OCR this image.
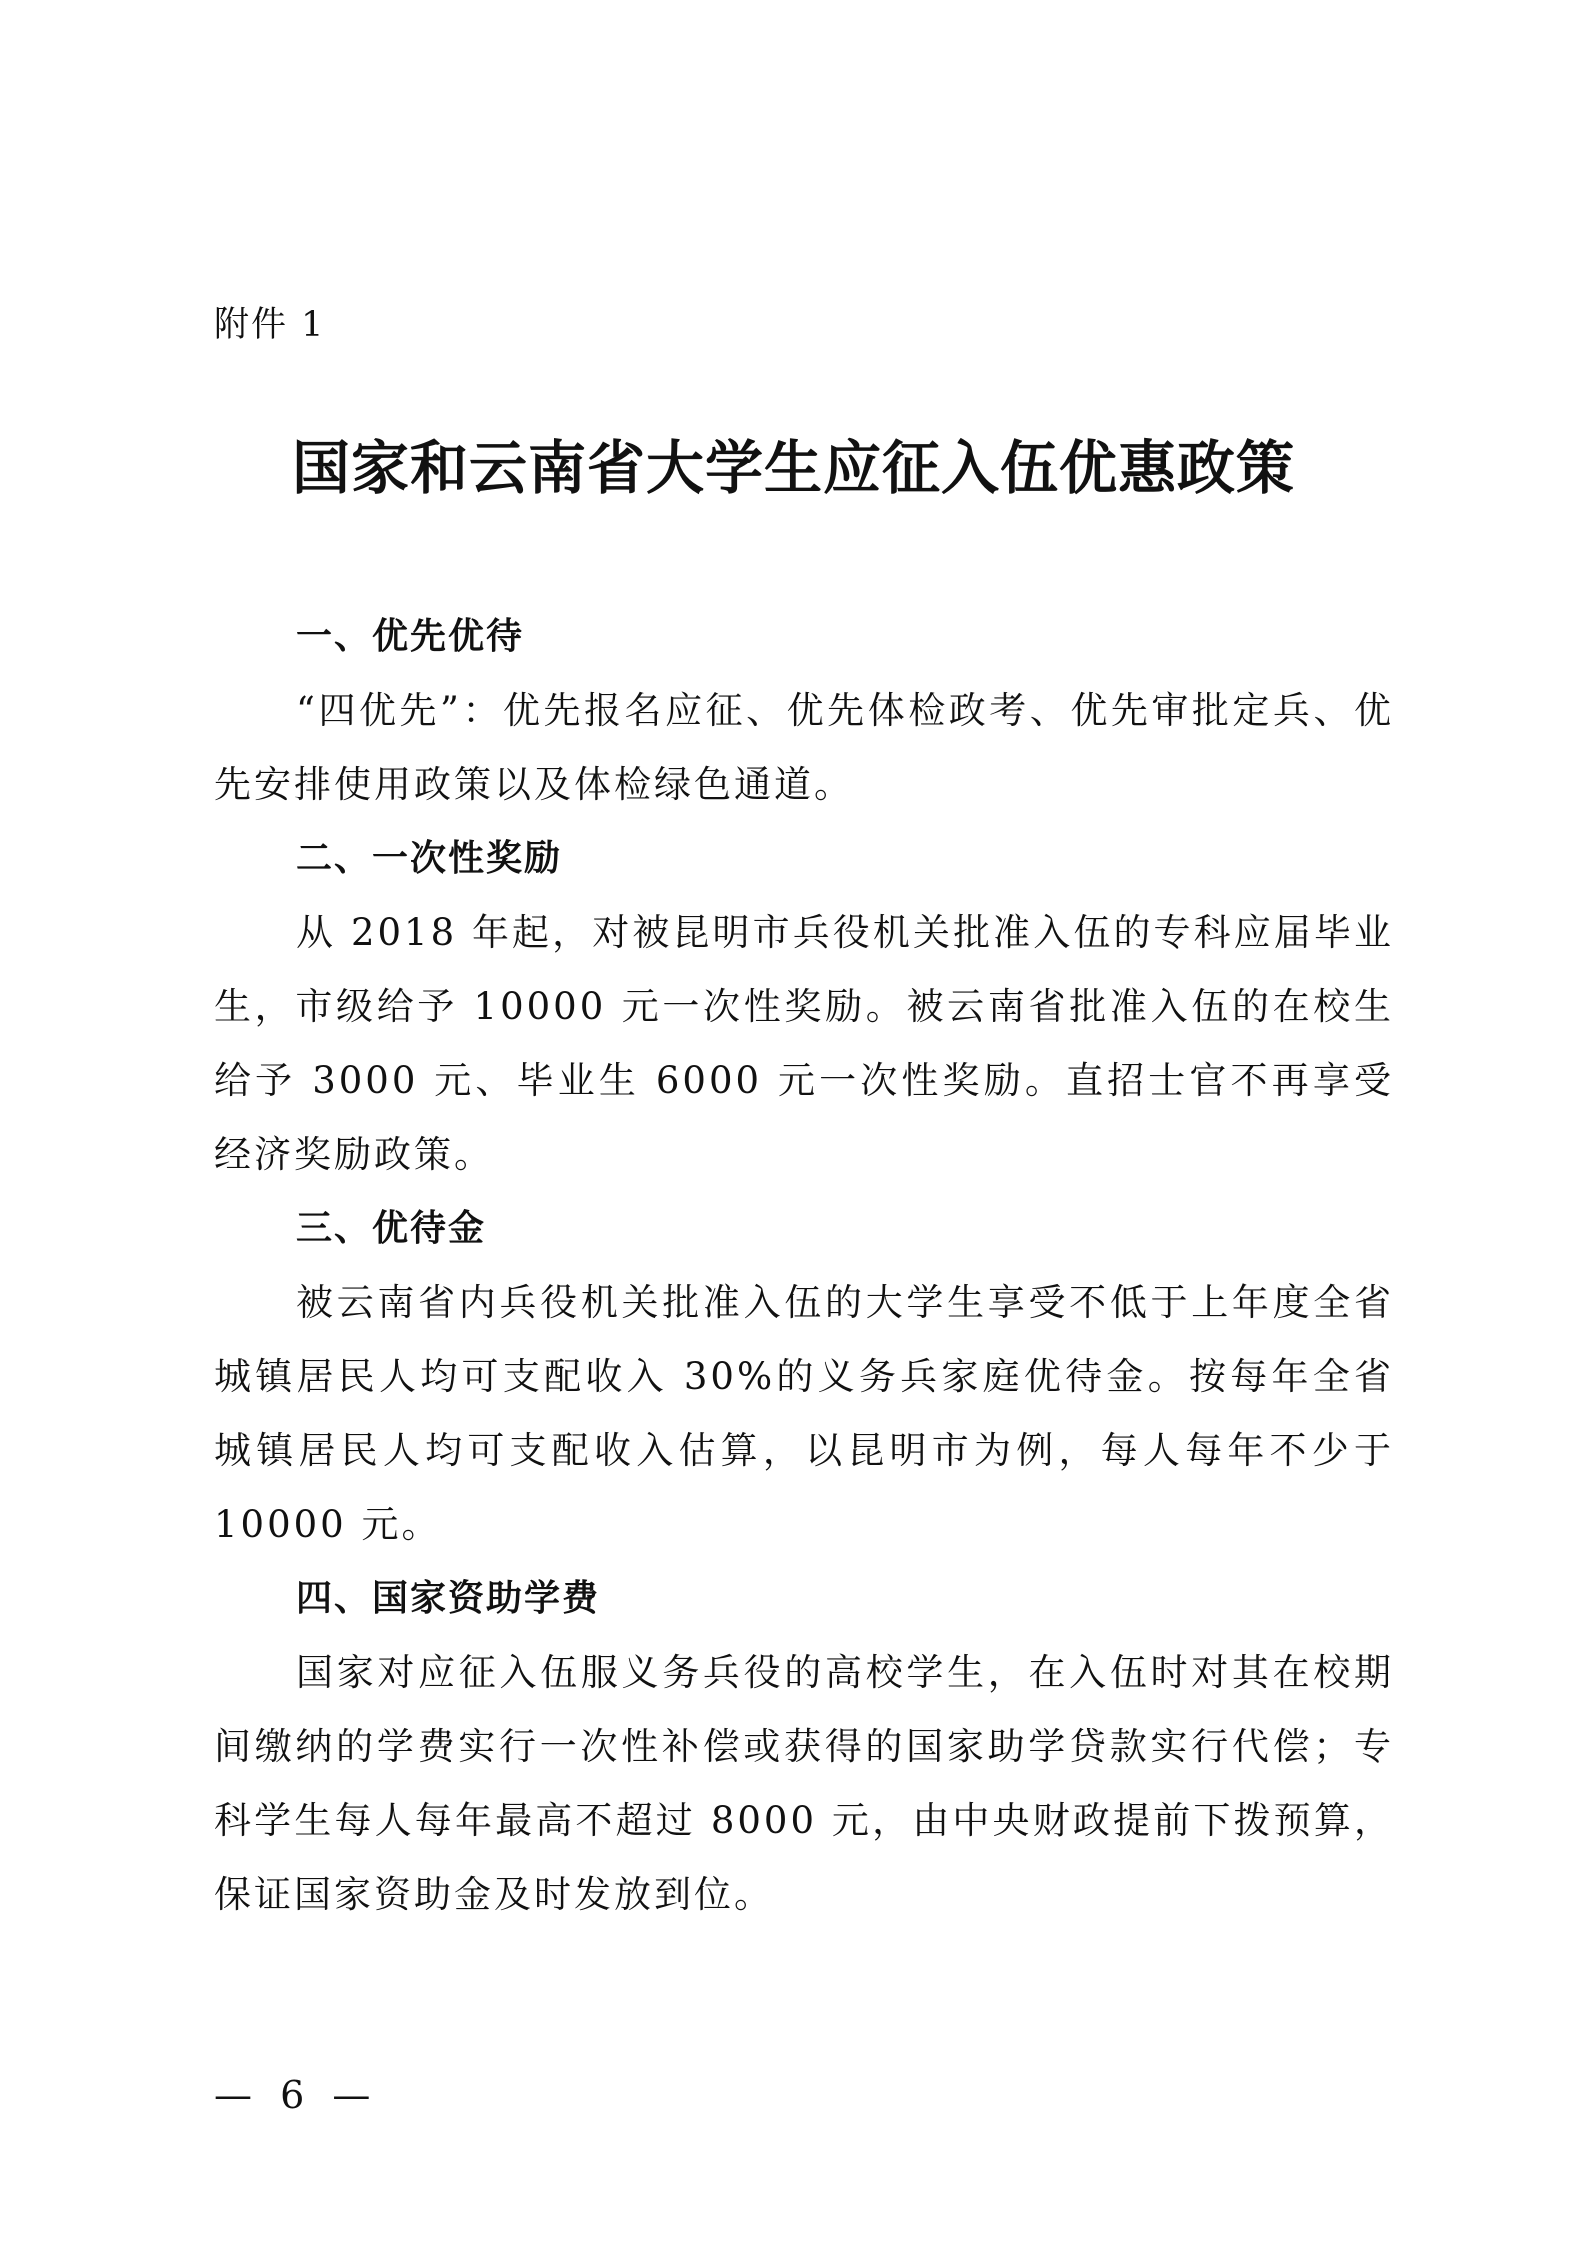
附件 1
国家和云南省大学生应征入伍优惠政策
一、优先优待

“四优先”：优先报名应征、优先体检政考、优先审批定兵、优先安排使用政策以及体检绿色通道。

二、一次性奖励

从 2018 年起，对被昆明市兵役机关批准入伍的专科应届毕业生，市级给予 10000 元一次性奖励。被云南省批准入伍的在校生给予 3000 元、毕业生 6000 元一次性奖励。直招士官不再享受经济奖励政策。

三、优待金

被云南省内兵役机关批准入伍的大学生享受不低于上年度全省城镇居民人均可支配收入 30%的义务兵家庭优待金。按每年全省城镇居民人均可支配收入估算，以昆明市为例，每人每年不少于 10000 元。

四、国家资助学费

国家对应征入伍服义务兵役的高校学生，在入伍时对其在校期间缴纳的学费实行一次性补偿或获得的国家助学贷款实行代偿；专科学生每人每年最高不超过 8000 元，由中央财政提前下拨预算，保证国家资助金及时发放到位。

— 6 —
